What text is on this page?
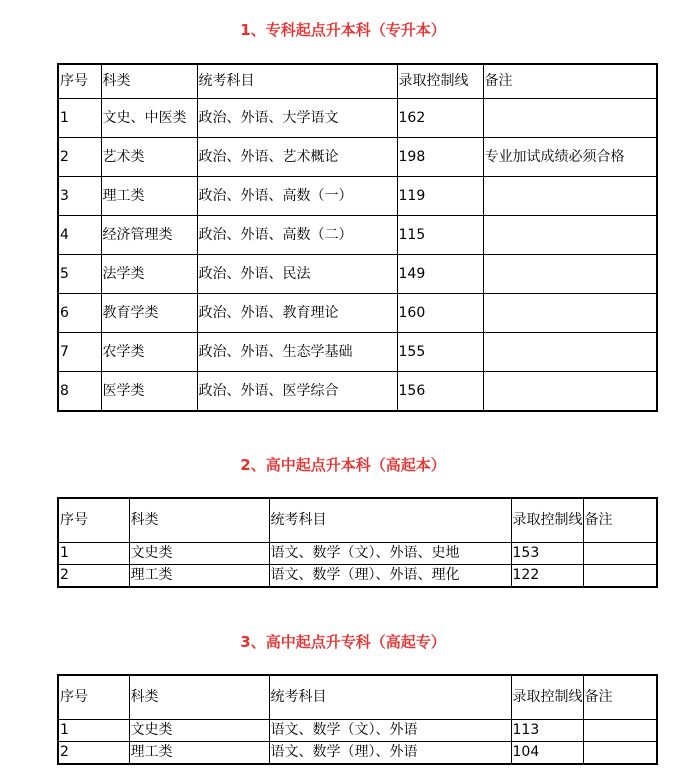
1、专科起点升本科（专升本）
序号	科类	统考科目	录取控制线	备注
1	文史、中医类	政治、外语、大学语文	162	
2	艺术类	政治、外语、艺术概论	198	专业加试成绩必须合格
3	理工类	政治、外语、高数（一）	119	
4	经济管理类	政治、外语、高数（二）	115	
5	法学类	政治、外语、民法	149	
6	教育学类	政治、外语、教育理论	160	
7	农学类	政治、外语、生态学基础	155	
8	医学类	政治、外语、医学综合	156	
2、高中起点升本科（高起本）
序号	科类	统考科目	录取控制线	备注
1	文史类	语文、数学（文）、外语、史地	153	
2	理工类	语文、数学（理）、外语、理化	122	
3、高中起点升专科（高起专）
序号	科类	统考科目	录取控制线	备注
1	文史类	语文、数学（文）、外语	113	
2	理工类	语文、数学（理）、外语	104	
